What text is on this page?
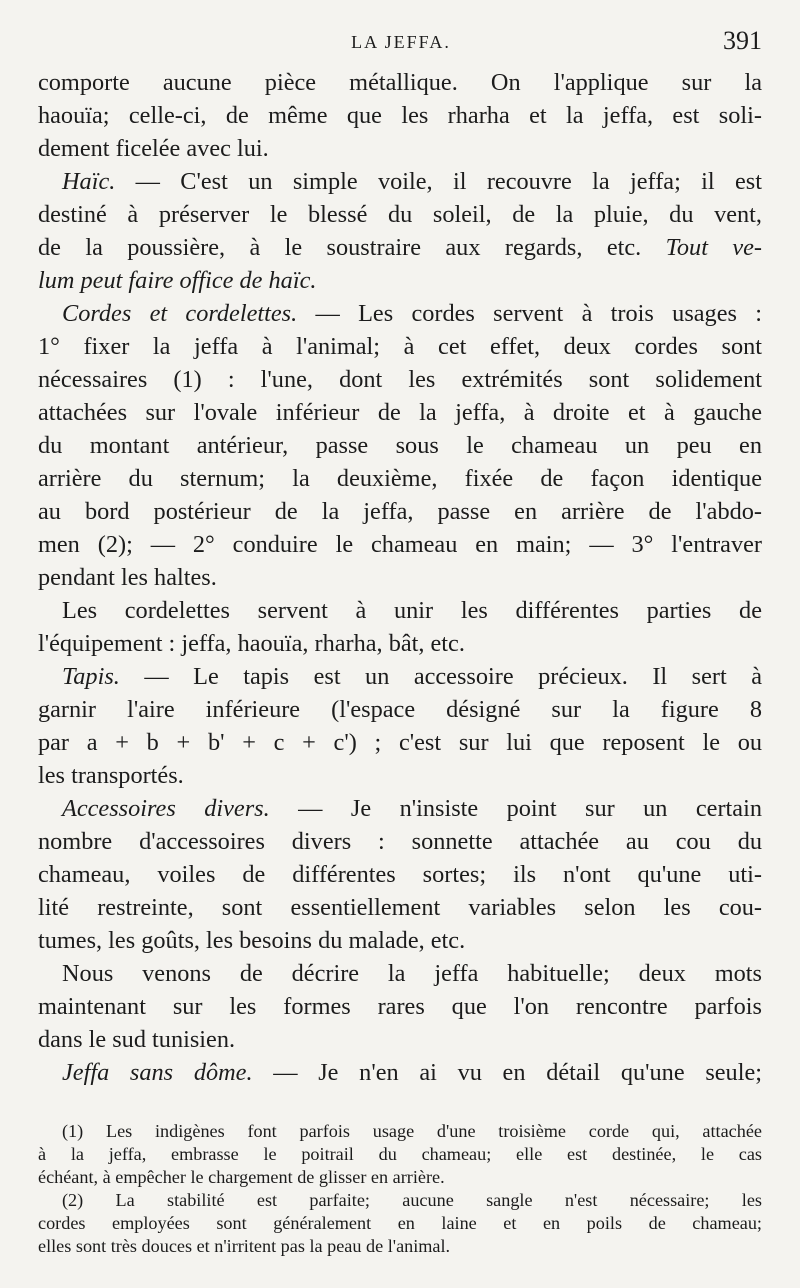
LA JEFFA.	391
comporte aucune pièce métallique. On l'applique sur la
haouïa; celle-ci, de même que les rharha et la jeffa, est soli-
dement ficelée avec lui.
Haïc. — C'est un simple voile, il recouvre la jeffa; il est
destiné à préserver le blessé du soleil, de la pluie, du vent,
de la poussière, à le soustraire aux regards, etc. Tout ve-
lum peut faire office de haïc.
Cordes et cordelettes. — Les cordes servent à trois usages :
1° fixer la jeffa à l'animal; à cet effet, deux cordes sont
nécessaires (1) : l'une, dont les extrémités sont solidement
attachées sur l'ovale inférieur de la jeffa, à droite et à gauche
du montant antérieur, passe sous le chameau un peu en
arrière du sternum; la deuxième, fixée de façon identique
au bord postérieur de la jeffa, passe en arrière de l'abdo-
men (2); — 2° conduire le chameau en main; — 3° l'entraver
pendant les haltes.
Les cordelettes servent à unir les différentes parties de
l'équipement : jeffa, haouïa, rharha, bât, etc.
Tapis. — Le tapis est un accessoire précieux. Il sert à
garnir l'aire inférieure (l'espace désigné sur la figure 8
par a + b + b' + c + c') ; c'est sur lui que reposent le ou
les transportés.
Accessoires divers. — Je n'insiste point sur un certain
nombre d'accessoires divers : sonnette attachée au cou du
chameau, voiles de différentes sortes; ils n'ont qu'une uti-
lité restreinte, sont essentiellement variables selon les cou-
tumes, les goûts, les besoins du malade, etc.
Nous venons de décrire la jeffa habituelle; deux mots
maintenant sur les formes rares que l'on rencontre parfois
dans le sud tunisien.
Jeffa sans dôme. — Je n'en ai vu en détail qu'une seule;
(1) Les indigènes font parfois usage d'une troisième corde qui, attachée
à la jeffa, embrasse le poitrail du chameau; elle est destinée, le cas
échéant, à empêcher le chargement de glisser en arrière.
(2) La stabilité est parfaite; aucune sangle n'est nécessaire; les
cordes employées sont généralement en laine et en poils de chameau;
elles sont très douces et n'irritent pas la peau de l'animal.
